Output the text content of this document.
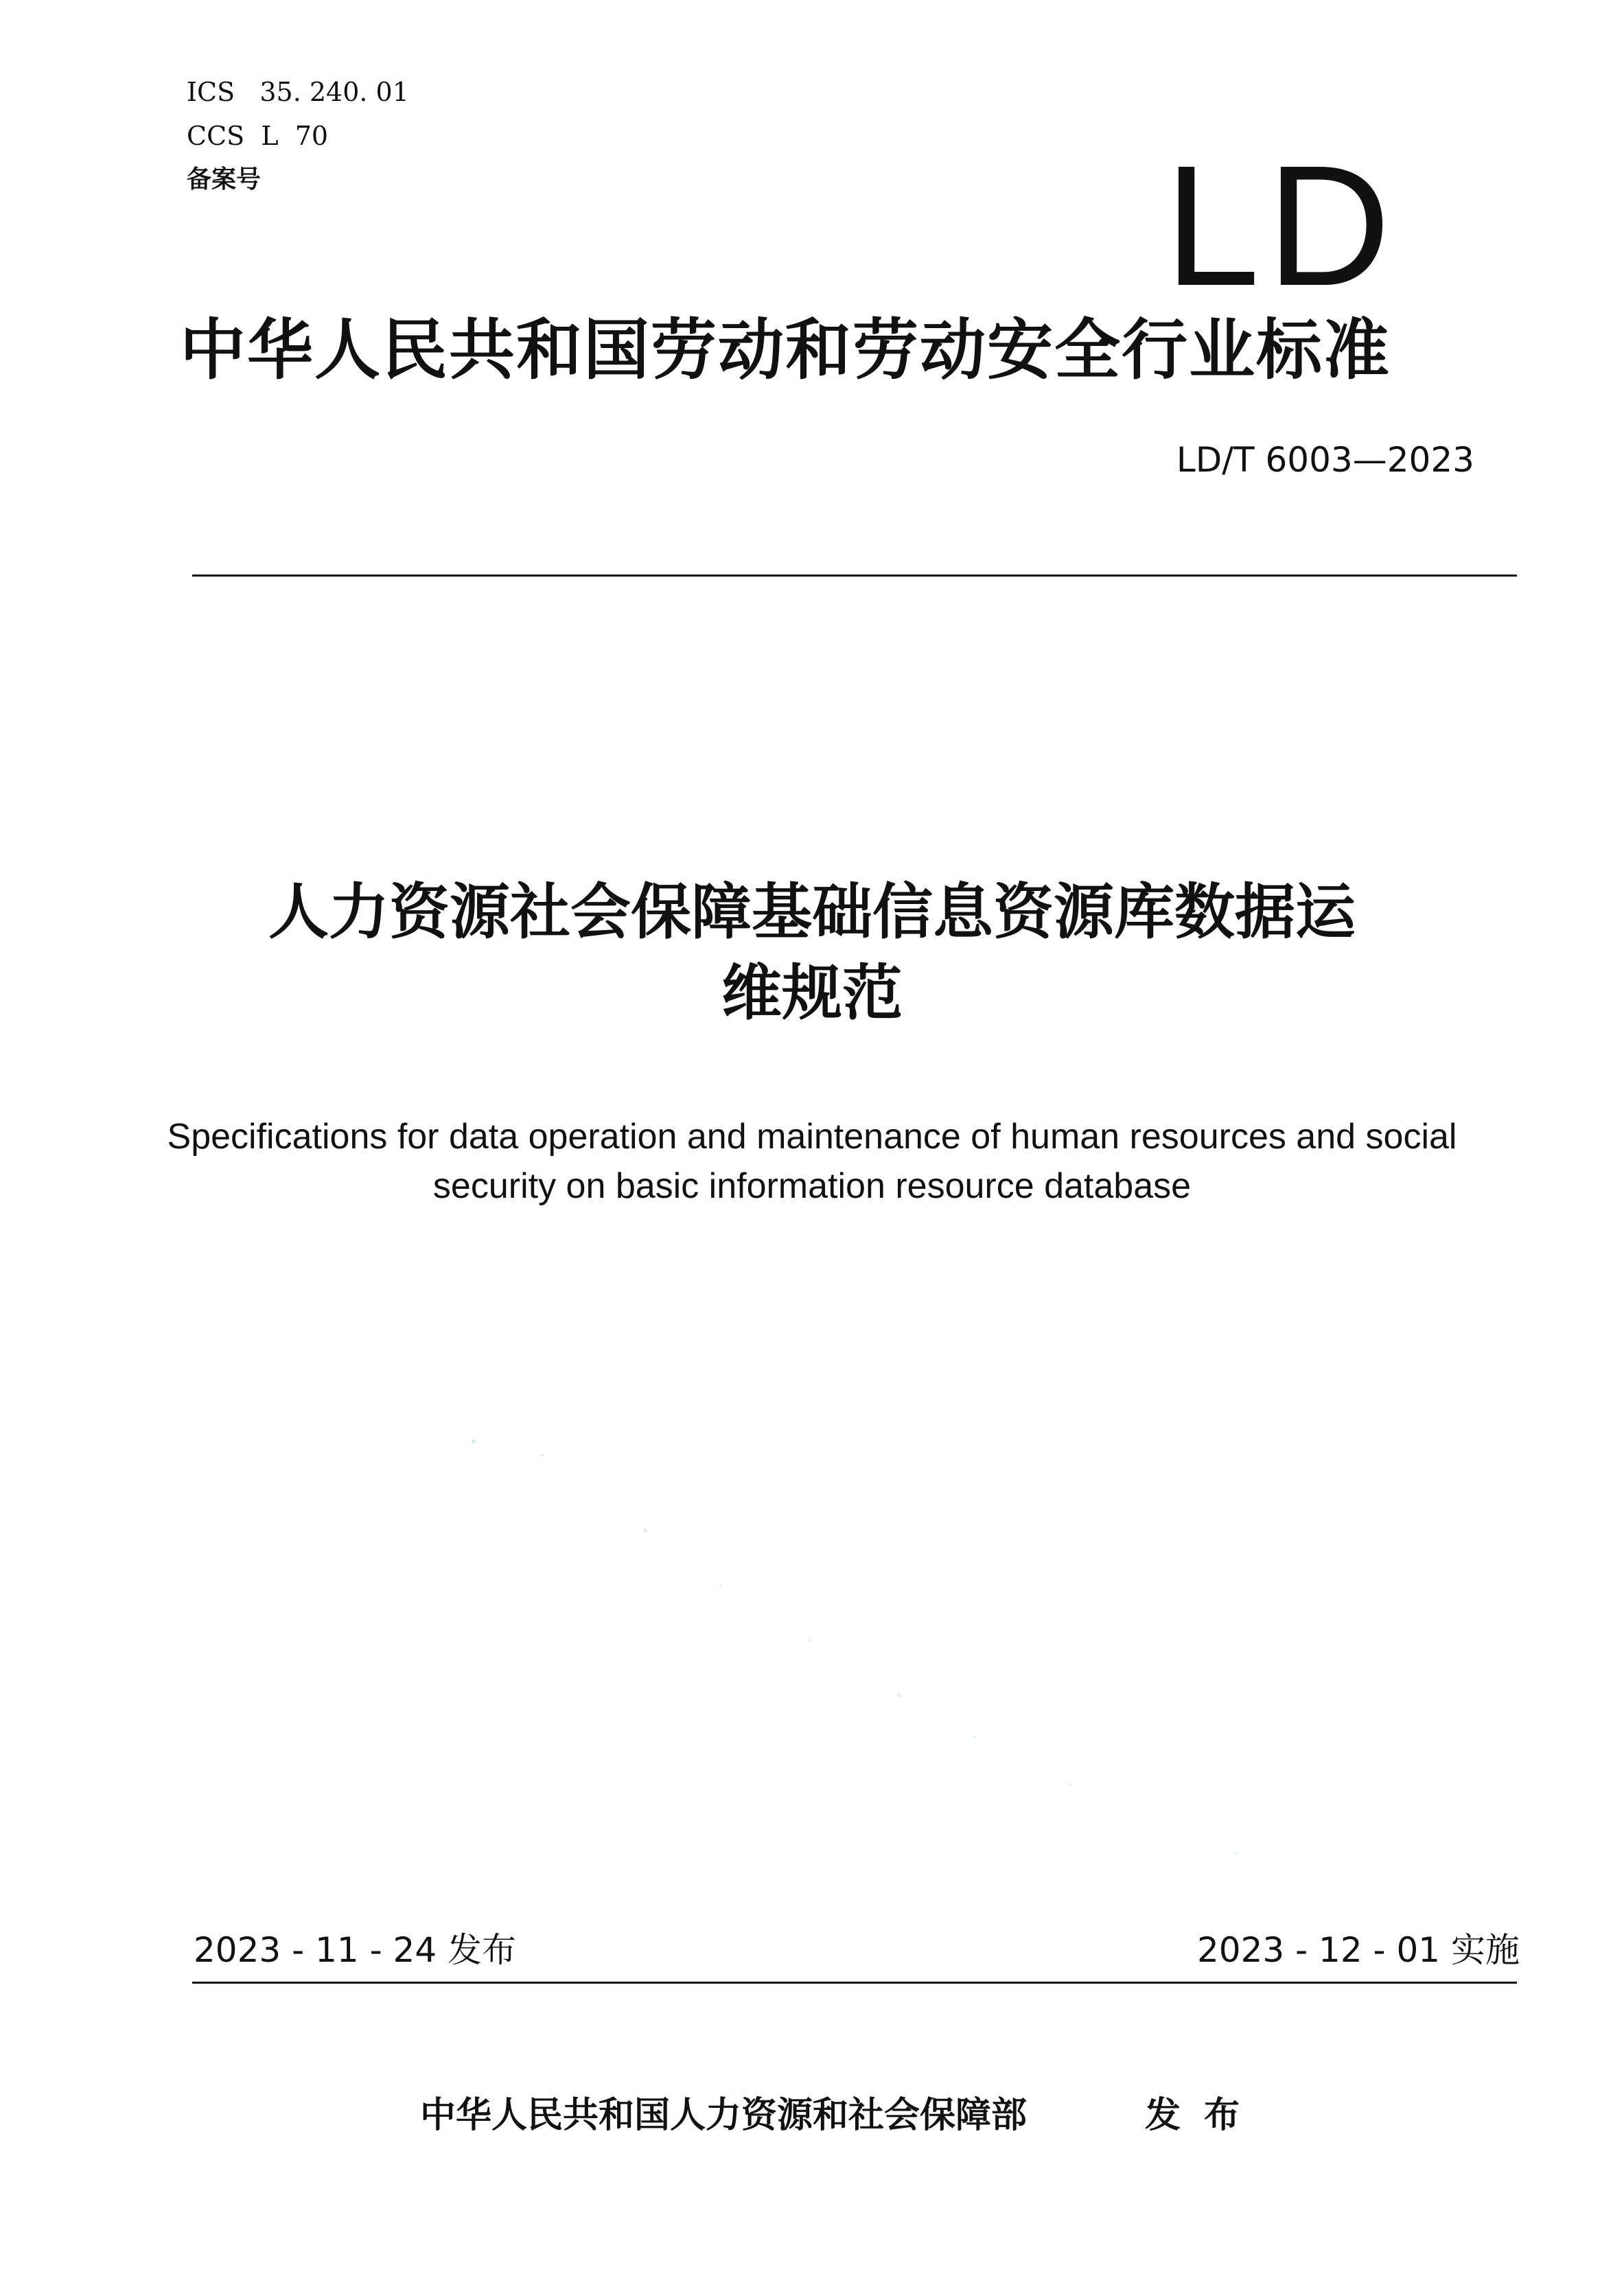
ICS   35. 240. 01
CCS  L  70
备案号	LD
中华人民共和国劳动和劳动安全行业标准
LD/T 6003—2023
人力资源社会保障基础信息资源库数据运
维规范
Specifications for data operation and maintenance of human resources and social
security on basic information resource database
2023 - 11 - 24 发布	2023 - 12 - 01 实施
中华人民共和国人力资源和社会保障部	发布
